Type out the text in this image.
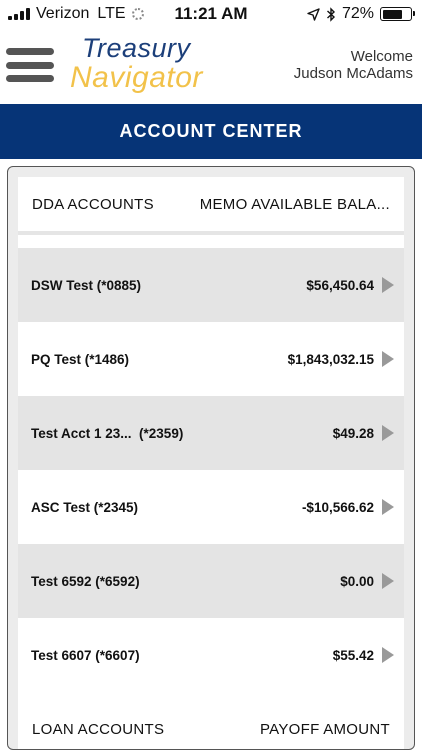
Verizon LTE	11:21 AM	72%
Treasury
Navigator
Welcome
Judson McAdams
ACCOUNT CENTER
DDA ACCOUNTS	MEMO AVAILABLE BALA...
DSW Test (*0885)	$56,450.64
PQ Test (*1486)	$1,843,032.15
Test Acct 1 23...  (*2359)	$49.28
ASC Test (*2345)	-$10,566.62
Test 6592 (*6592)	$0.00
Test 6607 (*6607)	$55.42
LOAN ACCOUNTS	PAYOFF AMOUNT
